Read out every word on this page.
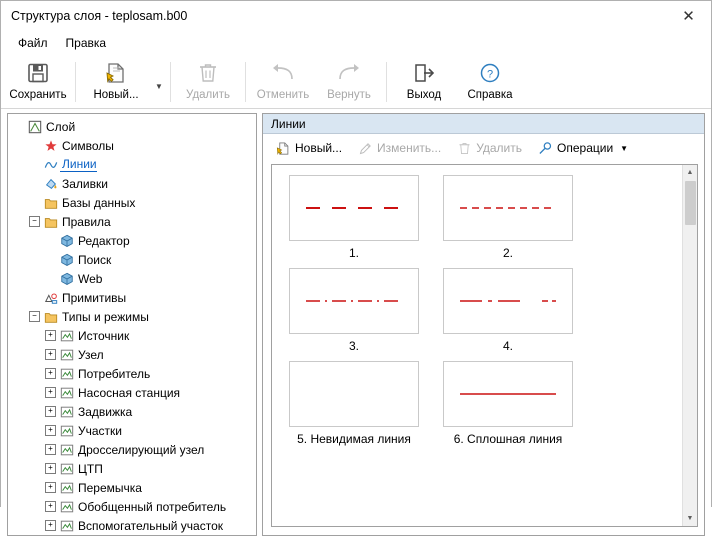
Структура слоя - teplosam.b00	✕
Файл	Правка
Сохранить Новый...
▼
Удалить Отменить Вернуть	Выход
?
Справка
Слой
Символы
Линии
Заливки
Базы данных
− Правила
Редактор
Поиск
Web
Примитивы
− Типы и режимы
+ Источник
+ Узел
+ Потребитель
+ Насосная станция
+ Задвижка
+ Участки
+ Дросселирующий узел
+ ЦТП
+ Перемычка
+ Обобщенный потребитель
+ Вспомогательный участок
Линии
Новый...	Изменить...	Удалить	Операции ▼
1.	2.
3.	4.
5. Невидимая линия	6. Сплошная линия
▲
▼
